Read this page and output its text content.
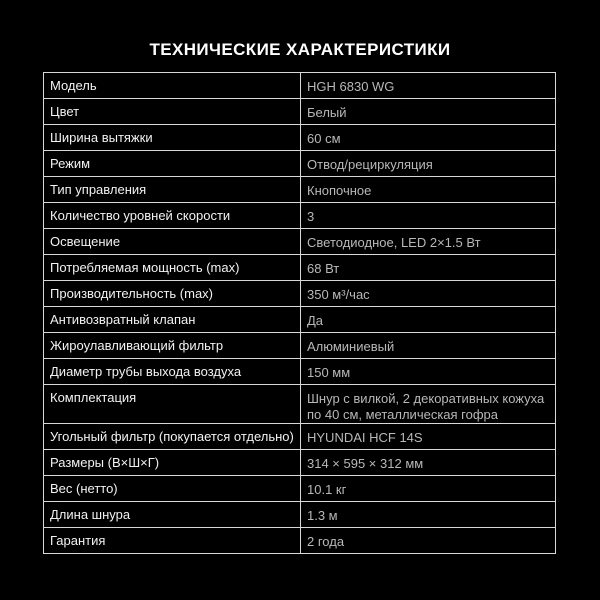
ТЕХНИЧЕСКИЕ ХАРАКТЕРИСТИКИ
Модель	HGH 6830 WG
Цвет	Белый
Ширина вытяжки	60 см
Режим	Отвод/рециркуляция
Тип управления	Кнопочное
Количество уровней скорости	3
Освещение	Светодиодное, LED 2×1.5 Вт
Потребляемая мощность (max)	68 Вт
Производительность (max)	350 м³/час
Антивозвратный клапан	Да
Жироулавливающий фильтр	Алюминиевый
Диаметр трубы выхода воздуха	150 мм
Комплектация	Шнур с вилкой, 2 декоративных кожуха по 40 см, металлическая гофра
Угольный фильтр (покупается отдельно)	HYUNDAI HCF 14S
Размеры (В×Ш×Г)	314 × 595 × 312 мм
Вес (нетто)	10.1 кг
Длина шнура	1.3 м
Гарантия	2 года
